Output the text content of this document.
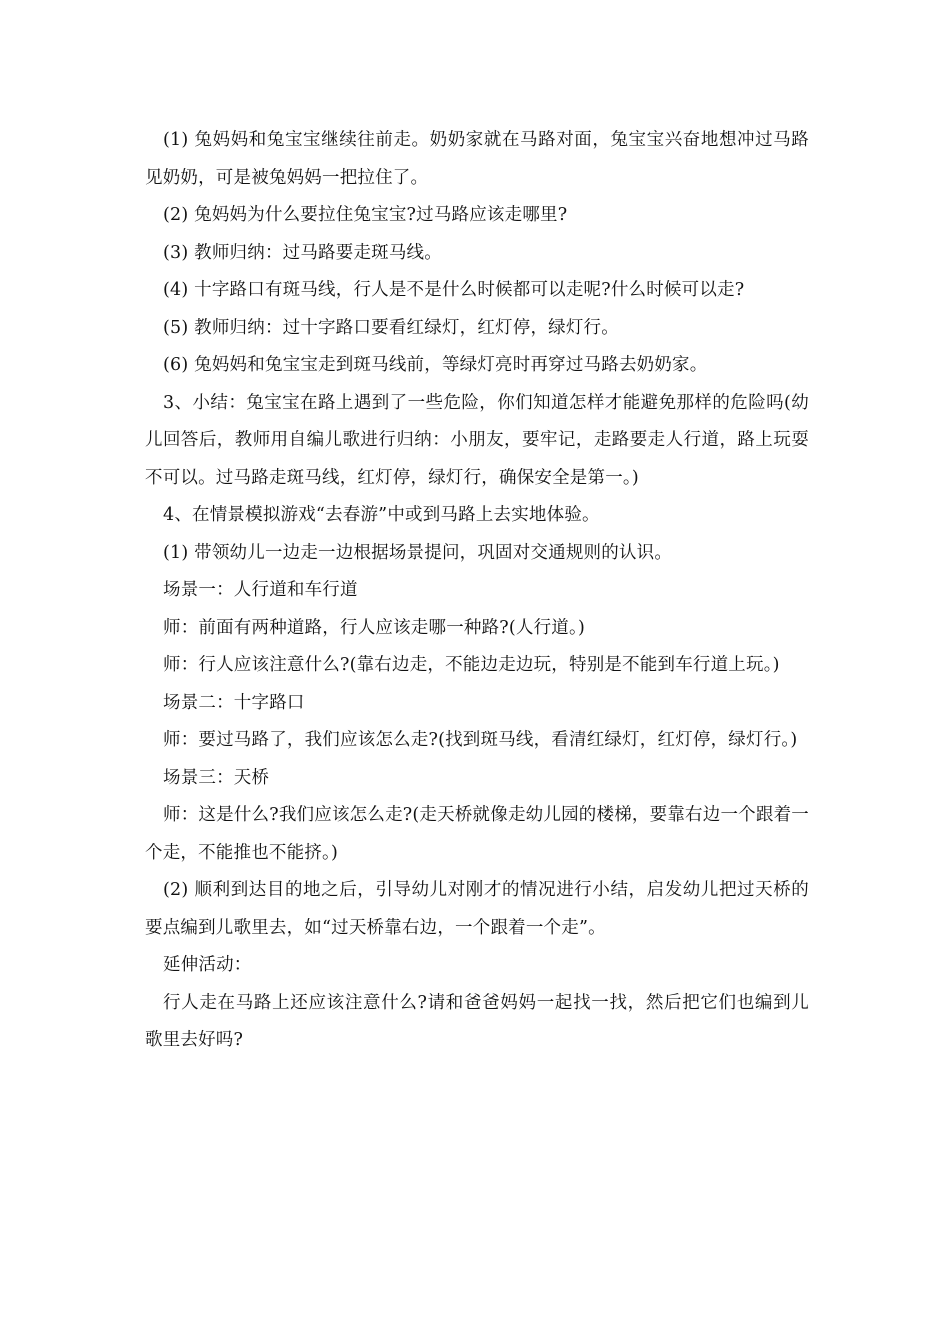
(1) 兔妈妈和兔宝宝继续往前走。奶奶家就在马路对面，兔宝宝兴奋地想冲过马路见奶奶，可是被兔妈妈一把拉住了。

(2) 兔妈妈为什么要拉住兔宝宝?过马路应该走哪里?

(3) 教师归纳：过马路要走斑马线。

(4) 十字路口有斑马线，行人是不是什么时候都可以走呢?什么时候可以走?

(5) 教师归纳：过十字路口要看红绿灯，红灯停，绿灯行。

(6) 兔妈妈和兔宝宝走到斑马线前，等绿灯亮时再穿过马路去奶奶家。

3、小结：兔宝宝在路上遇到了一些危险，你们知道怎样才能避免那样的危险吗(幼儿回答后，教师用自编儿歌进行归纳：小朋友，要牢记，走路要走人行道，路上玩耍不可以。过马路走斑马线，红灯停，绿灯行，确保安全是第一。)

4、在情景模拟游戏“去春游”中或到马路上去实地体验。

(1) 带领幼儿一边走一边根据场景提问，巩固对交通规则的认识。

场景一：人行道和车行道

师：前面有两种道路，行人应该走哪一种路?(人行道。)

师：行人应该注意什么?(靠右边走，不能边走边玩，特别是不能到车行道上玩。)

场景二：十字路口

师：要过马路了，我们应该怎么走?(找到斑马线，看清红绿灯，红灯停，绿灯行。)

场景三：天桥

师：这是什么?我们应该怎么走?(走天桥就像走幼儿园的楼梯，要靠右边一个跟着一个走，不能推也不能挤。)

(2) 顺利到达目的地之后，引导幼儿对刚才的情况进行小结，启发幼儿把过天桥的要点编到儿歌里去，如“过天桥靠右边，一个跟着一个走”。

延伸活动：

行人走在马路上还应该注意什么?请和爸爸妈妈一起找一找，然后把它们也编到儿歌里去好吗?
